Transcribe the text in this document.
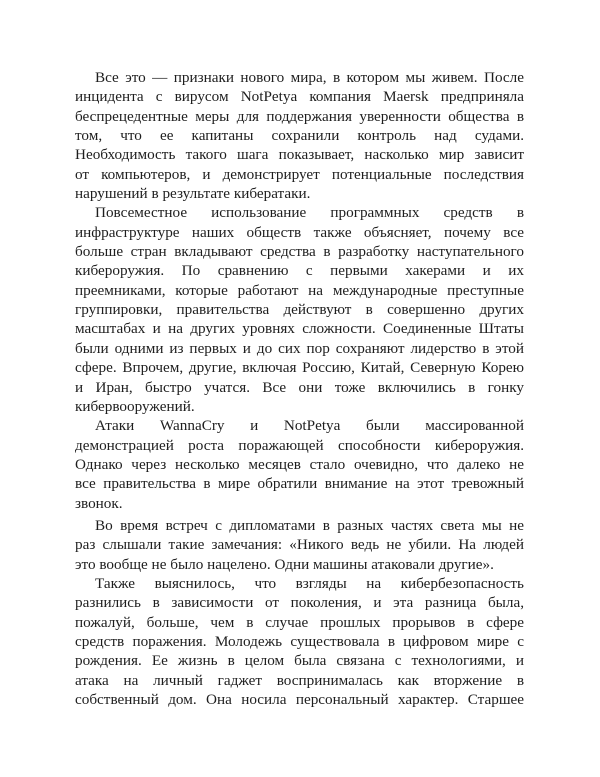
Все это — признаки нового мира, в котором мы живем. После
инцидента с вирусом NotPetya компания Maersk предприняла
беспрецедентные меры для поддержания уверенности общества в
том, что ее капитаны сохранили контроль над судами.
Необходимость такого шага показывает, насколько мир зависит
от компьютеров, и демонстрирует потенциальные последствия
нарушений в результате кибератаки.
Повсеместное использование программных средств в
инфраструктуре наших обществ также объясняет, почему все
больше стран вкладывают средства в разработку наступательного
кибероружия. По сравнению с первыми хакерами и их
преемниками, которые работают на международные преступные
группировки, правительства действуют в совершенно других
масштабах и на других уровнях сложности. Соединенные Штаты
были одними из первых и до сих пор сохраняют лидерство в этой
сфере. Впрочем, другие, включая Россию, Китай, Северную Корею
и Иран, быстро учатся. Все они тоже включились в гонку
кибервооружений.
Атаки WannaCry и NotPetya были массированной
демонстрацией роста поражающей способности кибероружия.
Однако через несколько месяцев стало очевидно, что далеко не
все правительства в мире обратили внимание на этот тревожный
звонок.
Во время встреч с дипломатами в разных частях света мы не
раз слышали такие замечания: «Никого ведь не убили. На людей
это вообще не было нацелено. Одни машины атаковали другие».
Также выяснилось, что взгляды на кибербезопасность
разнились в зависимости от поколения, и эта разница была,
пожалуй, больше, чем в случае прошлых прорывов в сфере
средств поражения. Молодежь существовала в цифровом мире с
рождения. Ее жизнь в целом была связана с технологиями, и
атака на личный гаджет воспринималась как вторжение в
собственный дом. Она носила персональный характер. Старшее
